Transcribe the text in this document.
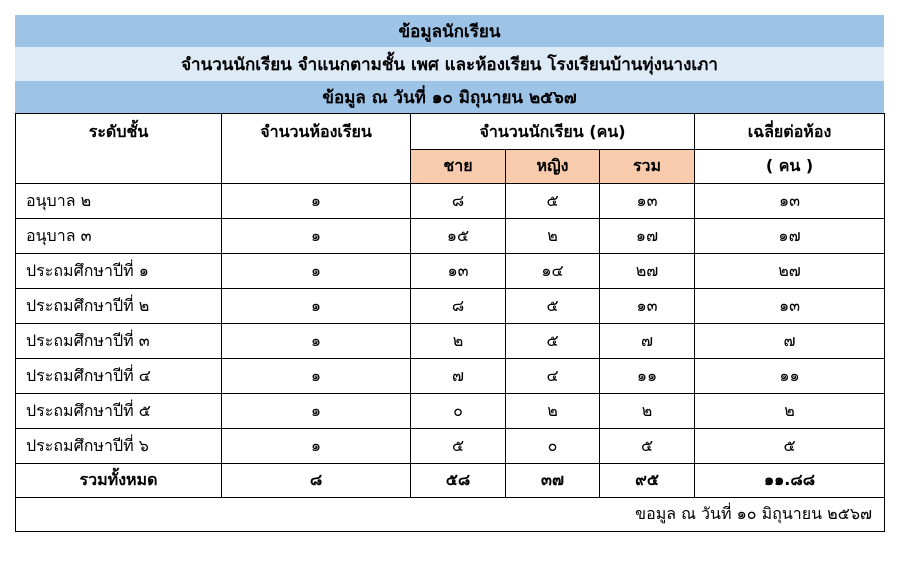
ข้อมูลนักเรียน
จำนวนนักเรียน จำแนกตามชั้น เพศ และห้องเรียน โรงเรียนบ้านทุ่งนางเภา
ข้อมูล ณ วันที่ ๑๐ มิถุนายน ๒๕๖๗
ระดับชั้น	จำนวนห้องเรียน	จำนวนนักเรียน (คน)			เฉลี่ยต่อห้อง
		ชาย	หญิง	รวม	( คน )
อนุบาล ๒	๑	๘	๕	๑๓	๑๓
อนุบาล ๓	๑	๑๕	๒	๑๗	๑๗
ประถมศึกษาปีที่ ๑	๑	๑๓	๑๔	๒๗	๒๗
ประถมศึกษาปีที่ ๒	๑	๘	๕	๑๓	๑๓
ประถมศึกษาปีที่ ๓	๑	๒	๕	๗	๗
ประถมศึกษาปีที่ ๔	๑	๗	๔	๑๑	๑๑
ประถมศึกษาปีที่ ๕	๑	๐	๒	๒	๒
ประถมศึกษาปีที่ ๖	๑	๕	๐	๕	๕
รวมทั้งหมด	๘	๕๘	๓๗	๙๕	๑๑.๘๘
ขอมูล ณ วันที่ ๑๐ มิถุนายน ๒๕๖๗					
